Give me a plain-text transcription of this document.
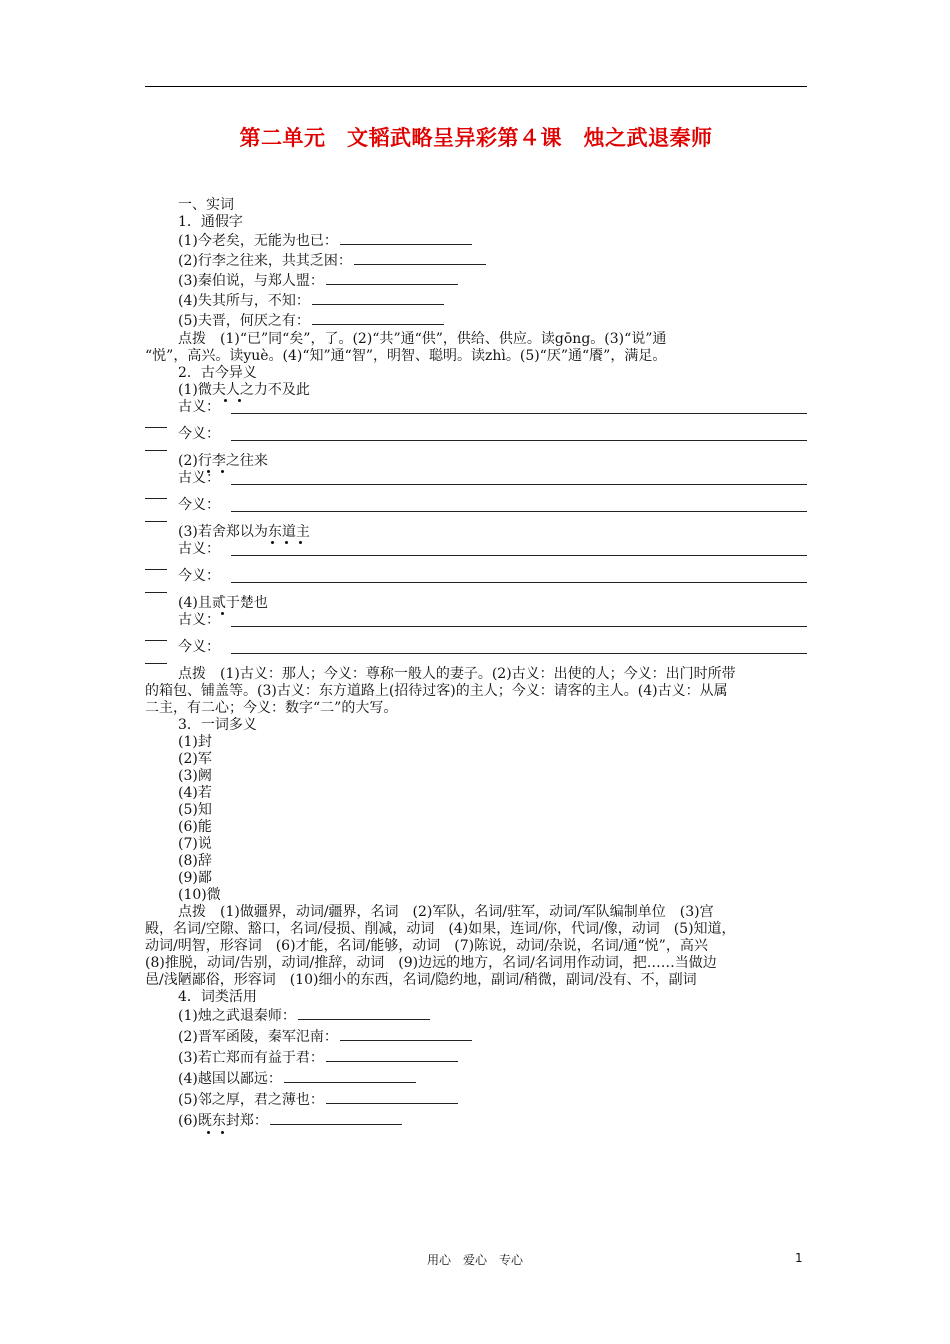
第二单元　文韬武略呈异彩第４课　烛之武退秦师
一、实词
1．通假字
(1)今老矣，无能为也已：
(2)行李之往来，共其乏困：
(3)秦伯说，与郑人盟：
(4)失其所与，不知：
(5)夫晋，何厌之有：
点拨　(1)“已”同“矣”，了。(2)“共”通“供”，供给、供应。读gōng。(3)“说”通
“悦”，高兴。读yuè。(4)“知”通“智”，明智、聪明。读zhì。(5)“厌”通“餍”，满足。
2．古今异义
(1)微夫人之力不及此
古义：
今义：
(2)行李之往来
古义：
今义：
(3)若舍郑以为东道主
古义：
今义：
(4)且贰于楚也
古义：
今义：
点拨　(1)古义：那人；今义：尊称一般人的妻子。(2)古义：出使的人；今义：出门时所带
的箱包、铺盖等。(3)古义：东方道路上(招待过客)的主人；今义：请客的主人。(4)古义：从属
二主，有二心；今义：数字“二”的大写。
3．一词多义
(1)封
(2)军
(3)阙
(4)若
(5)知
(6)能
(7)说
(8)辞
(9)鄙
(10)微
点拨　(1)做疆界，动词/疆界，名词　(2)军队，名词/驻军，动词/军队编制单位　(3)宫
殿，名词/空隙、豁口，名词/侵损、削减，动词　(4)如果，连词/你，代词/像，动词　(5)知道，
动词/明智，形容词　(6)才能，名词/能够，动词　(7)陈说，动词/杂说，名词/通“悦”，高兴
(8)推脱，动词/告别，动词/推辞，动词　(9)边远的地方，名词/名词用作动词，把……当做边
邑/浅陋鄙俗，形容词　(10)细小的东西，名词/隐约地，副词/稍微，副词/没有、不，副词
4．词类活用
(1)烛之武退秦师：
(2)晋军函陵，秦军氾南：
(3)若亡郑而有益于君：
(4)越国以鄙远：
(5)邻之厚，君之薄也：
(6)既东封郑：
用心　爱心　专心	1
